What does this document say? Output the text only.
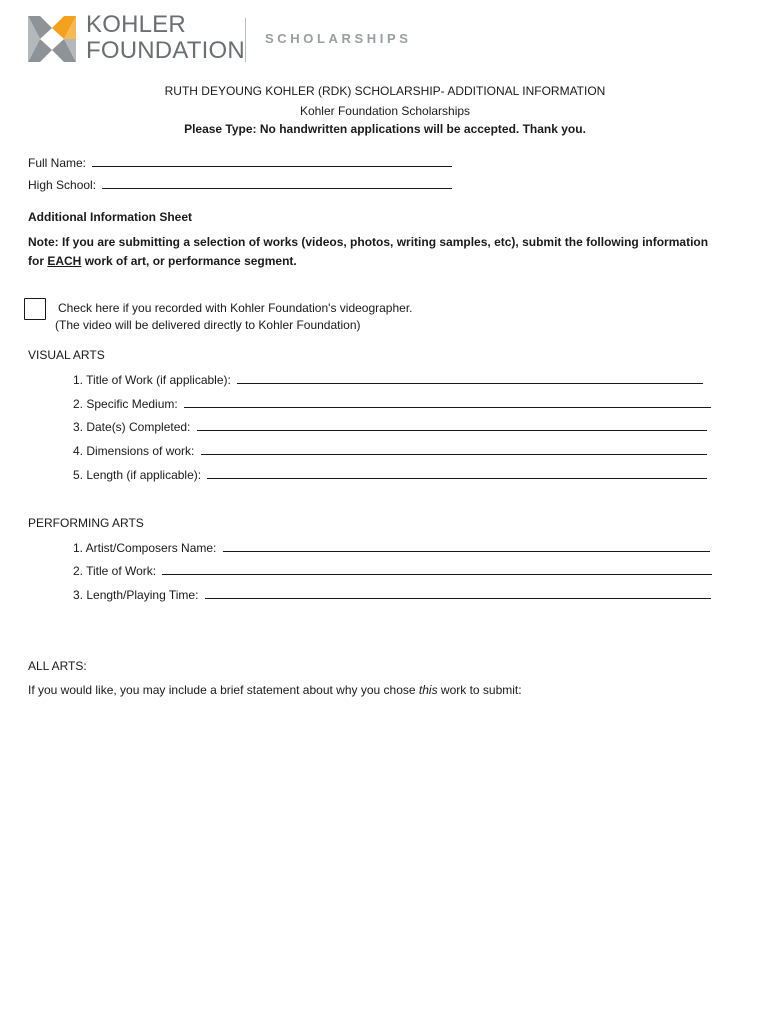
KOHLER
FOUNDATION SCHOLARSHIPS
RUTH DEYOUNG KOHLER (RDK) SCHOLARSHIP- ADDITIONAL INFORMATION
Kohler Foundation Scholarships
Please Type: No handwritten applications will be accepted. Thank you.
Full Name:
High School:
Additional Information Sheet
Note: If you are submitting a selection of works (videos, photos, writing samples, etc), submit the following information
for EACH work of art, or performance segment.
Check here if you recorded with Kohler Foundation's videographer.
(The video will be delivered directly to Kohler Foundation)
VISUAL ARTS
1. Title of Work (if applicable):
2. Specific Medium:
3. Date(s) Completed:
4. Dimensions of work:
5. Length (if applicable):
PERFORMING ARTS
1. Artist/Composers Name:
2. Title of Work:
3. Length/Playing Time:
ALL ARTS:
If you would like, you may include a brief statement about why you chose this work to submit:
